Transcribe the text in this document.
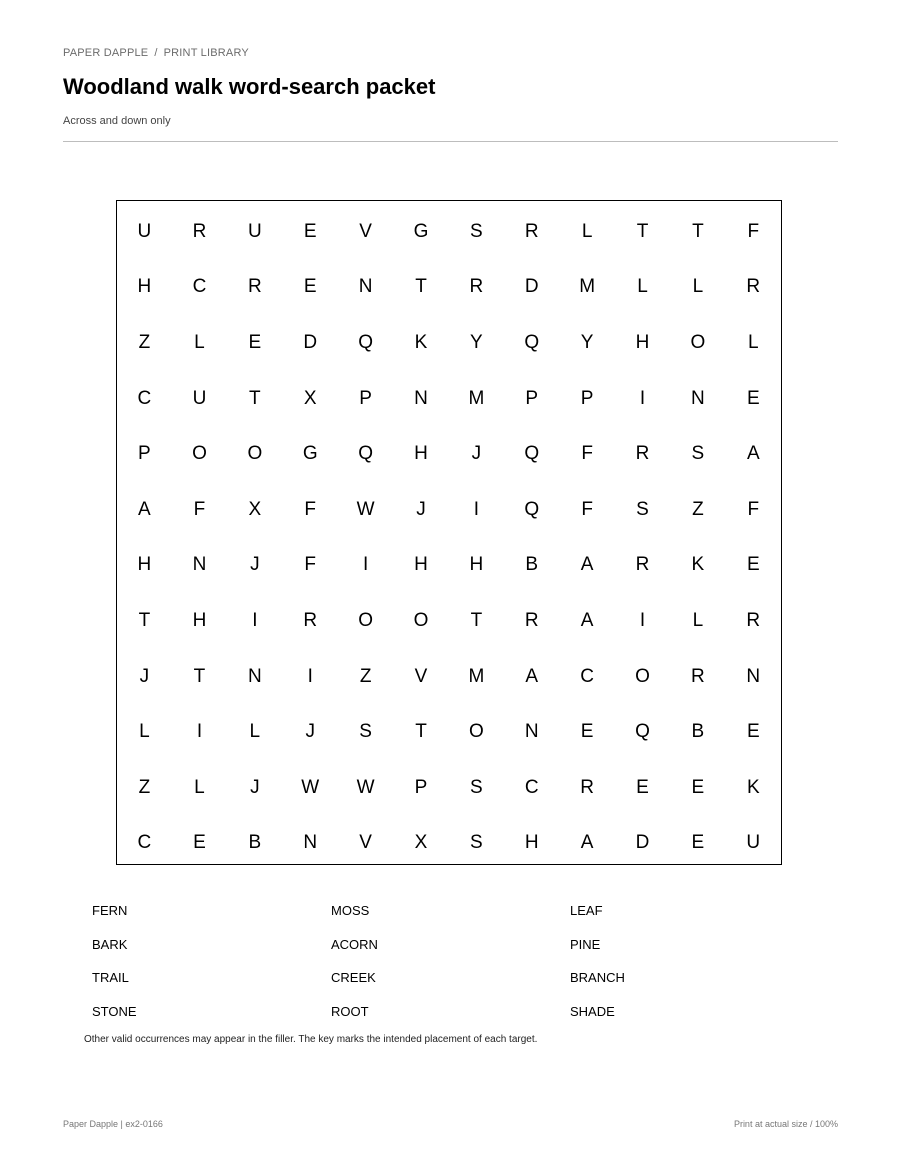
PAPER DAPPLE / PRINT LIBRARY
Woodland walk word-search packet
Across and down only
U	R	U	E	V	G	S	R	L	T	T	F
H	C	R	E	N	T	R	D	M	L	L	R
Z	L	E	D	Q	K	Y	Q	Y	H	O	L
C	U	T	X	P	N	M	P	P	I	N	E
P	O	O	G	Q	H	J	Q	F	R	S	A
A	F	X	F	W	J	I	Q	F	S	Z	F
H	N	J	F	I	H	H	B	A	R	K	E
T	H	I	R	O	O	T	R	A	I	L	R
J	T	N	I	Z	V	M	A	C	O	R	N
L	I	L	J	S	T	O	N	E	Q	B	E
Z	L	J	W	W	P	S	C	R	E	E	K
C	E	B	N	V	X	S	H	A	D	E	U
FERN	MOSS	LEAF
BARK	ACORN	PINE
TRAIL	CREEK	BRANCH
STONE	ROOT	SHADE
Other valid occurrences may appear in the filler. The key marks the intended placement of each target.
Paper Dapple | ex2-0166	Print at actual size / 100%
